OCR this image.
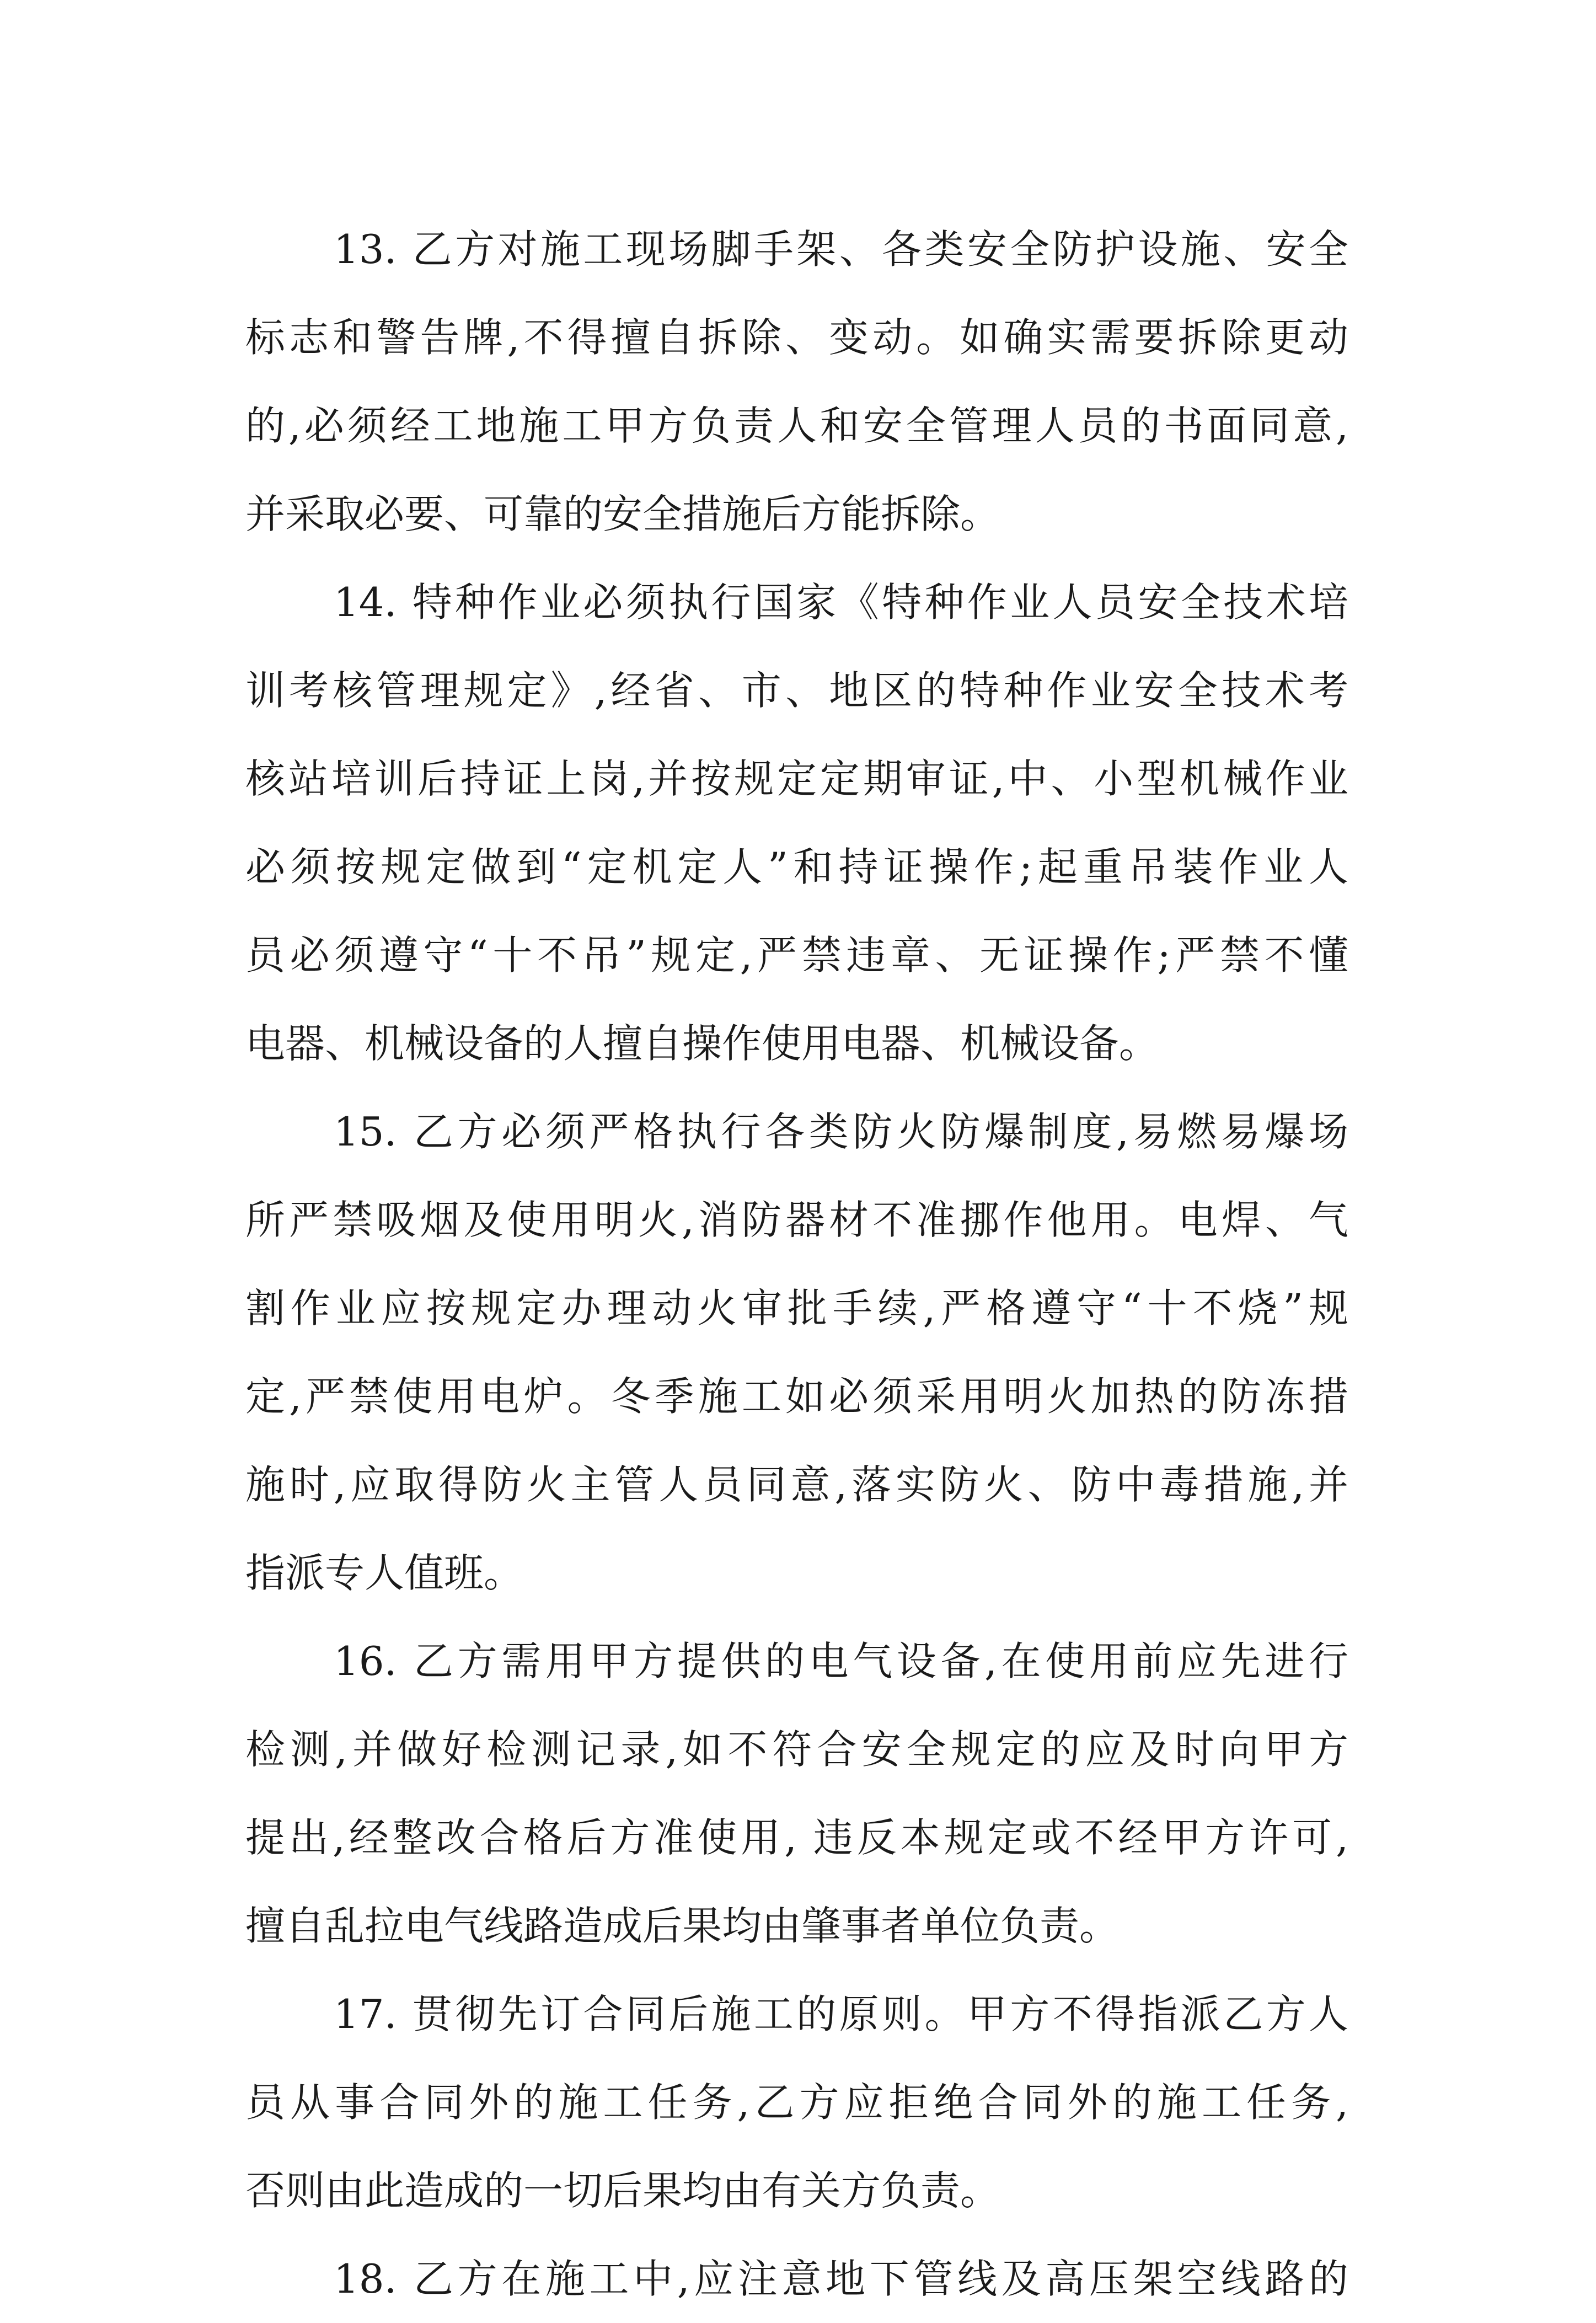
13. 乙方对施工现场脚手架、各类安全防护设施、安全
标志和警告牌,不得擅自拆除、变动。如确实需要拆除更动
的,必须经工地施工甲方负责人和安全管理人员的书面同意,
并采取必要、可靠的安全措施后方能拆除。
14. 特种作业必须执行国家《特种作业人员安全技术培
训考核管理规定》,经省、市、地区的特种作业安全技术考
核站培训后持证上岗,并按规定定期审证,中、小型机械作业
必须按规定做到“定机定人”和持证操作;起重吊装作业人
员必须遵守“十不吊”规定,严禁违章、无证操作;严禁不懂
电器、机械设备的人擅自操作使用电器、机械设备。
15. 乙方必须严格执行各类防火防爆制度,易燃易爆场
所严禁吸烟及使用明火,消防器材不准挪作他用。电焊、气
割作业应按规定办理动火审批手续,严格遵守“十不烧”规
定,严禁使用电炉。冬季施工如必须采用明火加热的防冻措
施时,应取得防火主管人员同意,落实防火、防中毒措施,并
指派专人值班。
16. 乙方需用甲方提供的电气设备,在使用前应先进行
检测,并做好检测记录,如不符合安全规定的应及时向甲方
提出,经整改合格后方准使用, 违反本规定或不经甲方许可,
擅自乱拉电气线路造成后果均由肇事者单位负责。
17. 贯彻先订合同后施工的原则。甲方不得指派乙方人
员从事合同外的施工任务,乙方应拒绝合同外的施工任务,
否则由此造成的一切后果均由有关方负责。
18. 乙方在施工中,应注意地下管线及高压架空线路的
